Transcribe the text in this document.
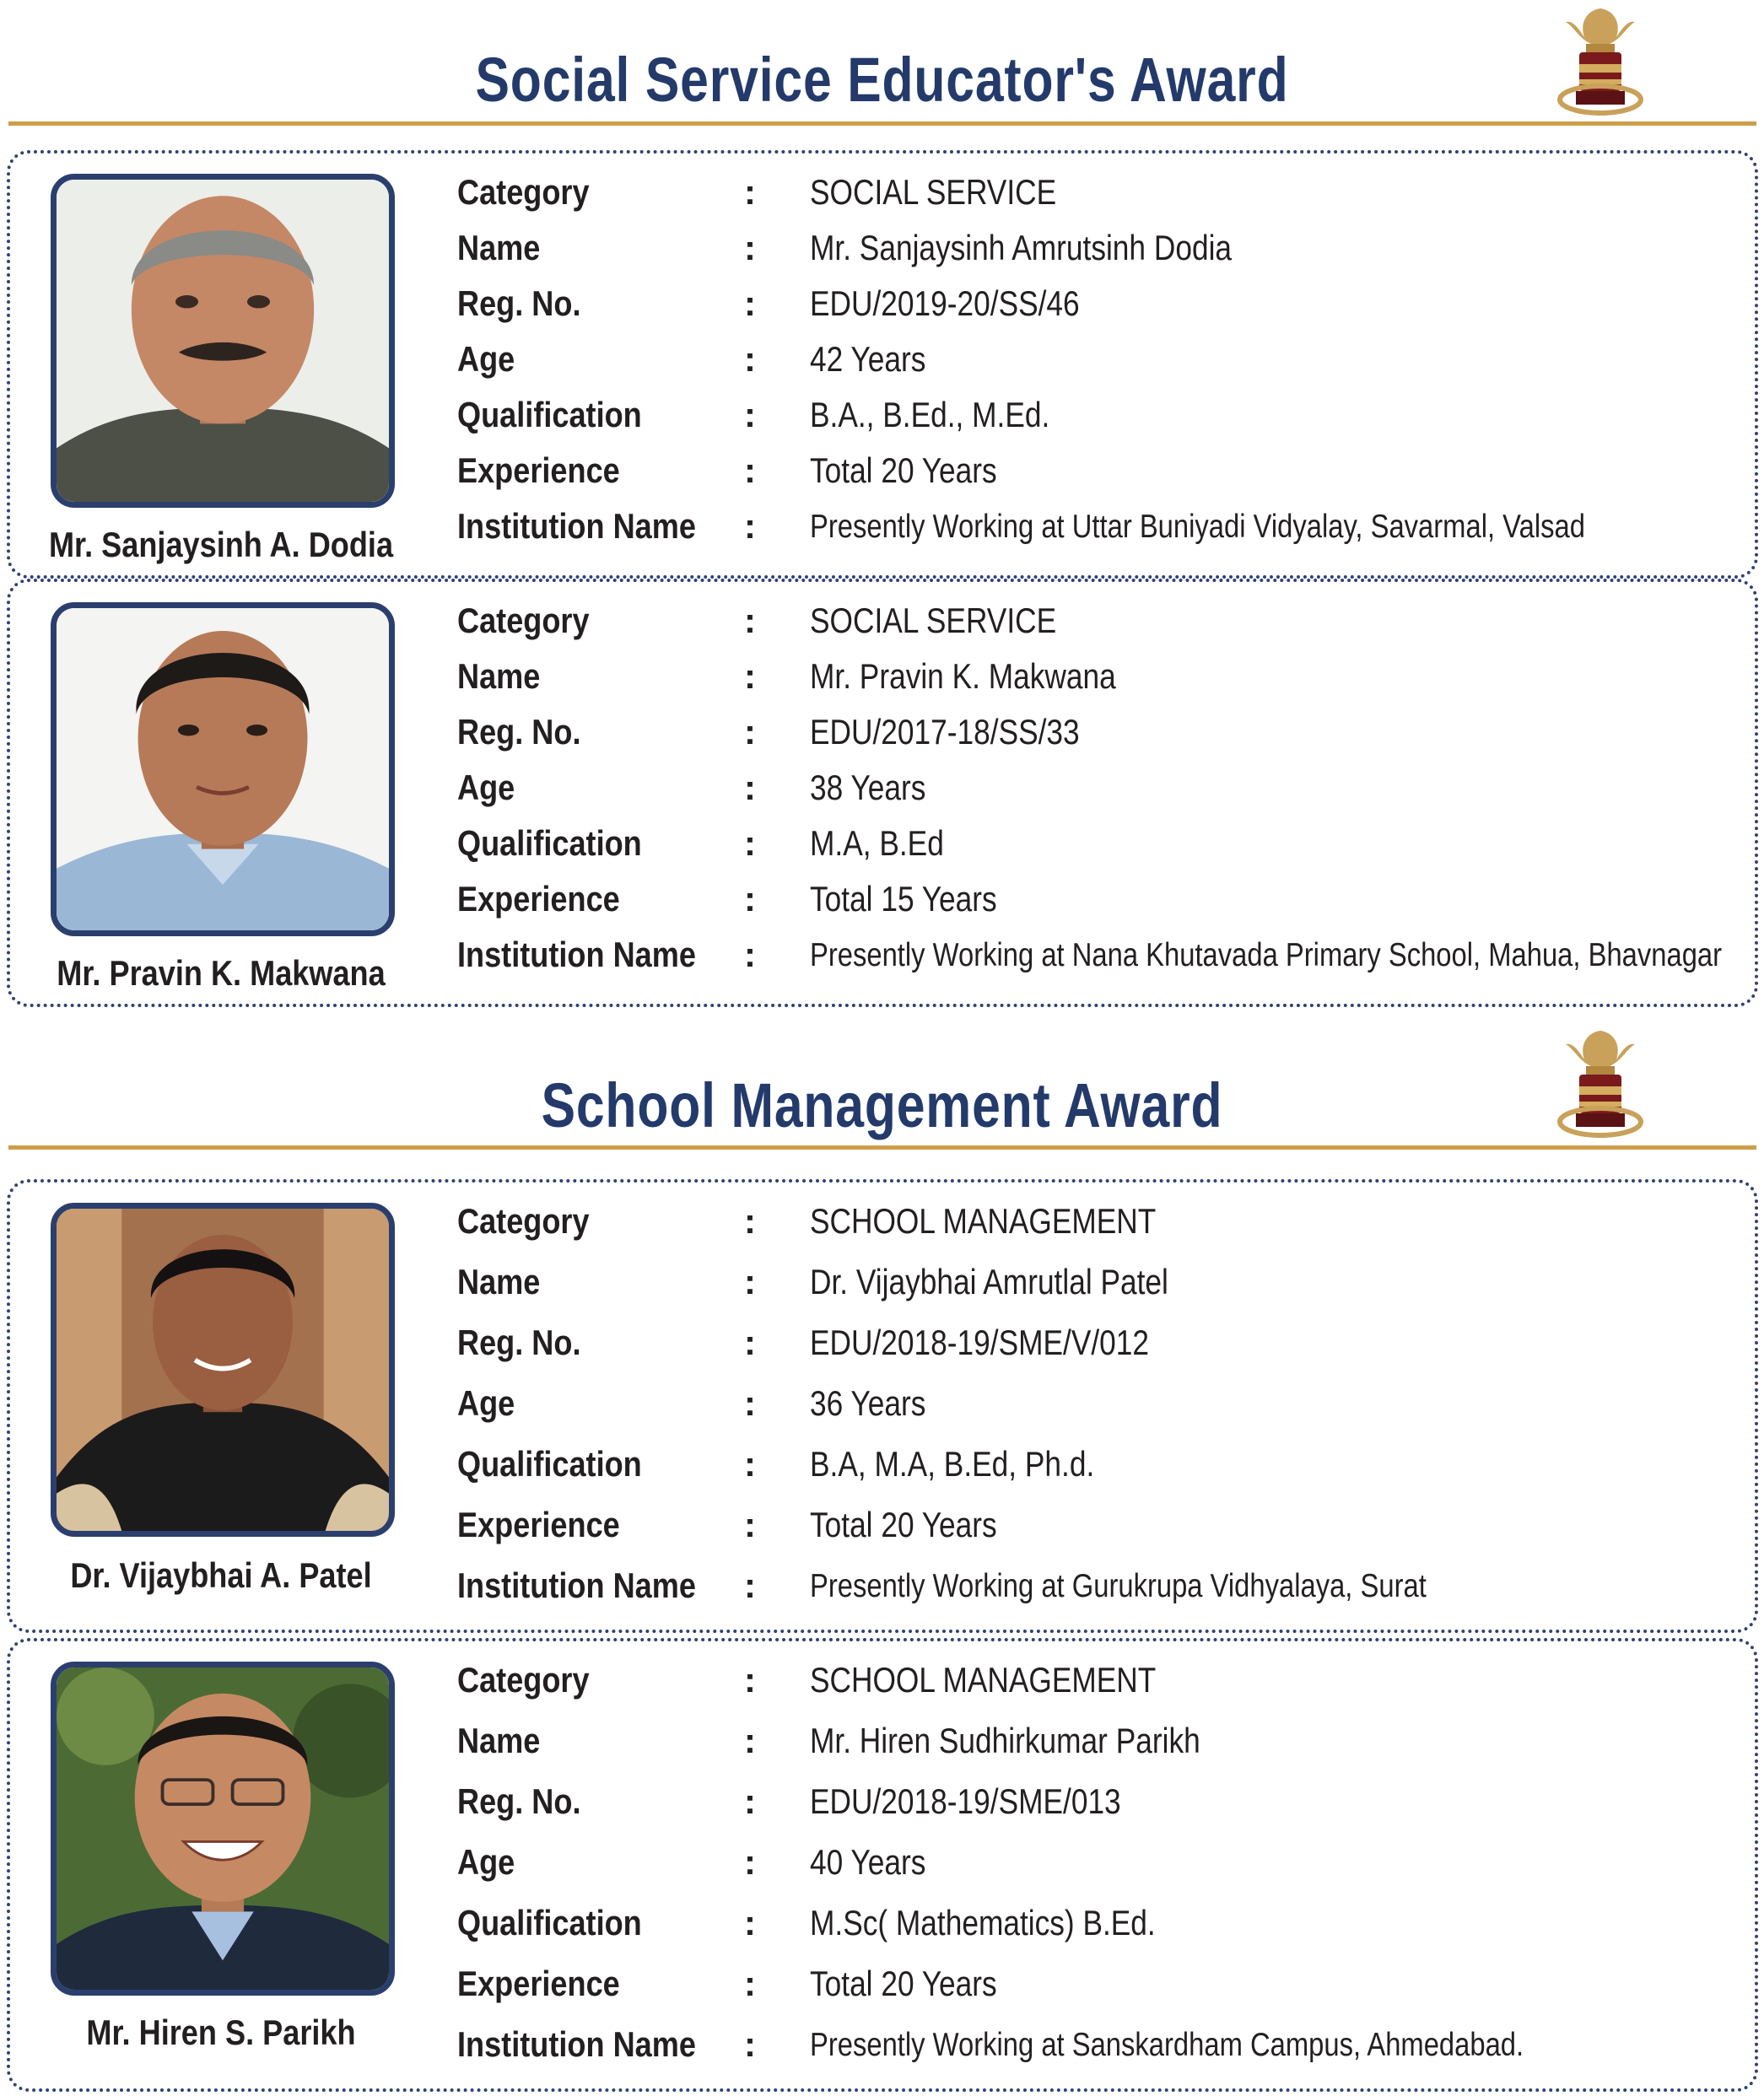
Social Service Educator's Award
Mr. Sanjaysinh A. Dodia
Category	: SOCIAL SERVICE
Name	: Mr. Sanjaysinh Amrutsinh Dodia
Reg. No.	: EDU/2019-20/SS/46
Age	: 42 Years
Qualification	: B.A., B.Ed., M.Ed.
Experience	: Total 20 Years
Institution Name : Presently Working at Uttar Buniyadi Vidyalay, Savarmal, Valsad
Mr. Pravin K. Makwana
Category	: SOCIAL SERVICE
Name	: Mr. Pravin K. Makwana
Reg. No.	: EDU/2017-18/SS/33
Age	: 38 Years
Qualification	: M.A, B.Ed
Experience	: Total 15 Years
Institution Name : Presently Working at Nana Khutavada Primary School, Mahua, Bhavnagar
School Management Award
Dr. Vijaybhai A. Patel
Category	: SCHOOL MANAGEMENT
Name	: Dr. Vijaybhai Amrutlal Patel
Reg. No.	: EDU/2018-19/SME/V/012
Age	: 36 Years
Qualification	: B.A, M.A, B.Ed, Ph.d.
Experience	: Total 20 Years
Institution Name : Presently Working at Gurukrupa Vidhyalaya, Surat
Mr. Hiren S. Parikh
Category	: SCHOOL MANAGEMENT
Name	: Mr. Hiren Sudhirkumar Parikh
Reg. No.	: EDU/2018-19/SME/013
Age	: 40 Years
Qualification	: M.Sc( Mathematics) B.Ed.
Experience	: Total 20 Years
Institution Name : Presently Working at Sanskardham Campus, Ahmedabad.
